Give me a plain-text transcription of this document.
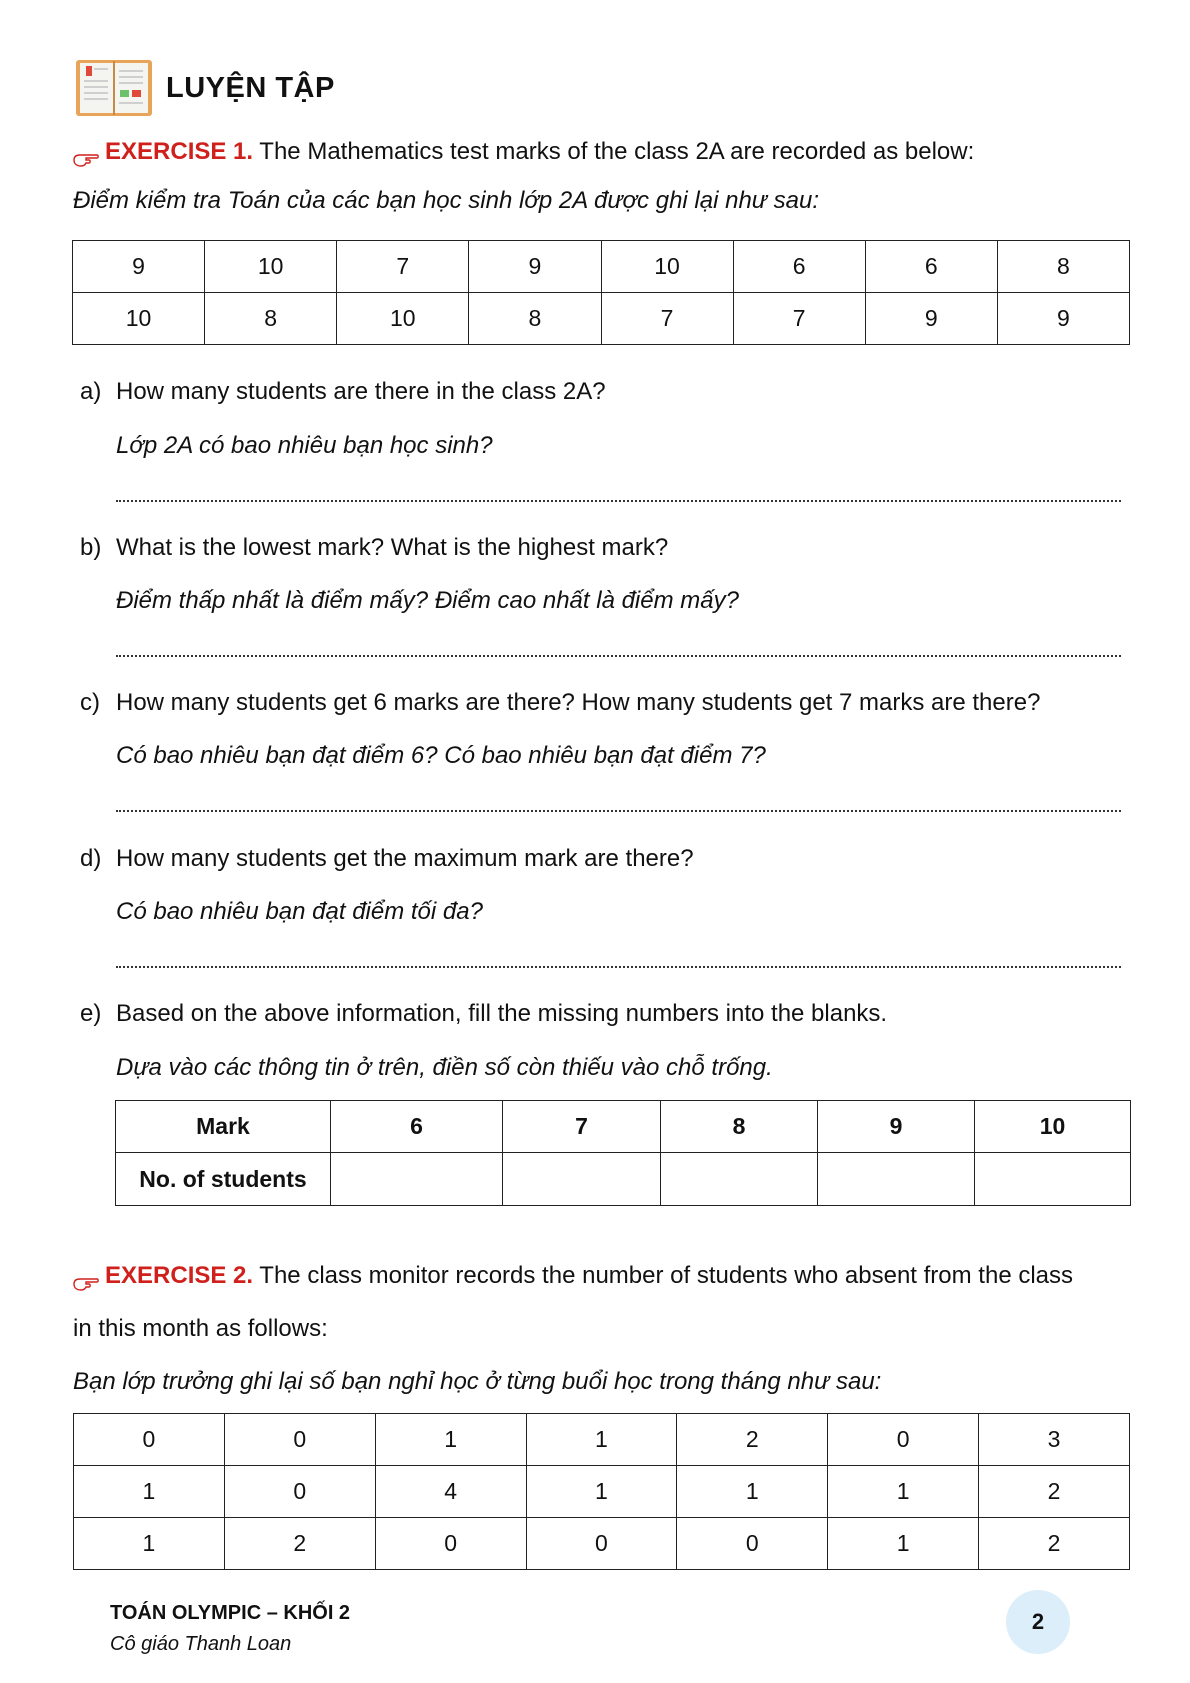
LUYỆN TẬP
EXERCISE 1. The Mathematics test marks of the class 2A are recorded as below:
Điểm kiểm tra Toán của các bạn học sinh lớp 2A được ghi lại như sau:
9	10	7	9	10	6	6	8
10	8	10	8	7	7	9	9
a) How many students are there in the class 2A?
Lớp 2A có bao nhiêu bạn học sinh?
b) What is the lowest mark? What is the highest mark?
Điểm thấp nhất là điểm mấy? Điểm cao nhất là điểm mấy?
c) How many students get 6 marks are there? How many students get 7 marks are there?
Có bao nhiêu bạn đạt điểm 6? Có bao nhiêu bạn đạt điểm 7?
d) How many students get the maximum mark are there?
Có bao nhiêu bạn đạt điểm tối đa?
e) Based on the above information, fill the missing numbers into the blanks.
Dựa vào các thông tin ở trên, điền số còn thiếu vào chỗ trống.
Mark	6	7	8	9	10
No. of students					
EXERCISE 2. The class monitor records the number of students who absent from the class
in this month as follows:
Bạn lớp trưởng ghi lại số bạn nghỉ học ở từng buổi học trong tháng như sau:
0	0	1	1	2	0	3
1	0	4	1	1	1	2
1	2	0	0	0	1	2
TOÁN OLYMPIC – KHỐI 2
Cô giáo Thanh Loan
2
